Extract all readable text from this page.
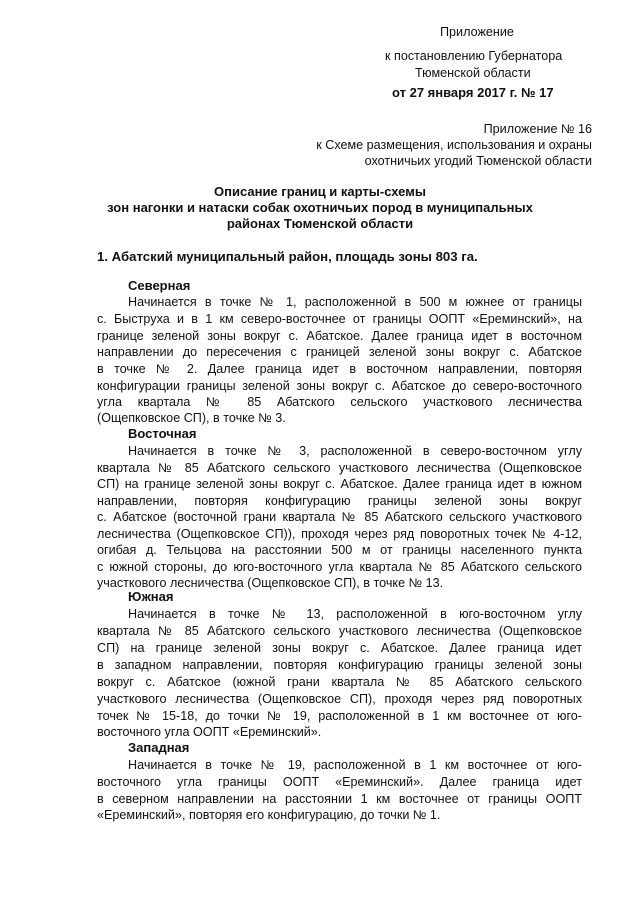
Приложение
к постановлению Губернатора
Тюменской области
от 27 января 2017 г. № 17
Приложение № 16
к Схеме размещения, использования и охраны
охотничьих угодий Тюменской области
Описание границ и карты-схемы
зон нагонки и натаски собак охотничьих пород в муниципальных
районах Тюменской области
1. Абатский муниципальный район, площадь зоны 803 га.
Северная
Начинается в точке № 1, расположенной в 500 м южнее от границы
с. Быструха и в 1 км северо-восточнее от границы ООПТ «Ереминский», на
границе зеленой зоны вокруг с. Абатское. Далее граница идет в восточном
направлении до пересечения с границей зеленой зоны вокруг с. Абатское
в точке № 2. Далее граница идет в восточном направлении, повторяя
конфигурации границы зеленой зоны вокруг с. Абатское до северо-восточного
угла квартала № 85 Абатского сельского участкового лесничества
(Ощепковское СП), в точке № 3.
Восточная
Начинается в точке № 3, расположенной в северо-восточном углу
квартала № 85 Абатского сельского участкового лесничества (Ощепковское
СП) на границе зеленой зоны вокруг с. Абатское. Далее граница идет в южном
направлении, повторяя конфигурацию границы зеленой зоны вокруг
с. Абатское (восточной грани квартала № 85 Абатского сельского участкового
лесничества (Ощепковское СП)), проходя через ряд поворотных точек № 4-12,
огибая д. Тельцова на расстоянии 500 м от границы населенного пункта
с южной стороны, до юго-восточного угла квартала № 85 Абатского сельского
участкового лесничества (Ощепковское СП), в точке № 13.
Южная
Начинается в точке № 13, расположенной в юго-восточном углу
квартала № 85 Абатского сельского участкового лесничества (Ощепковское
СП) на границе зеленой зоны вокруг с. Абатское. Далее граница идет
в западном направлении, повторяя конфигурацию границы зеленой зоны
вокруг с. Абатское (южной грани квартала № 85 Абатского сельского
участкового лесничества (Ощепковское СП), проходя через ряд поворотных
точек № 15-18, до точки № 19, расположенной в 1 км восточнее от юго-
восточного угла ООПТ «Ереминский».
Западная
Начинается в точке № 19, расположенной в 1 км восточнее от юго-
восточного угла границы ООПТ «Ереминский». Далее граница идет
в северном направлении на расстоянии 1 км восточнее от границы ООПТ
«Ереминский», повторяя его конфигурацию, до точки № 1.
